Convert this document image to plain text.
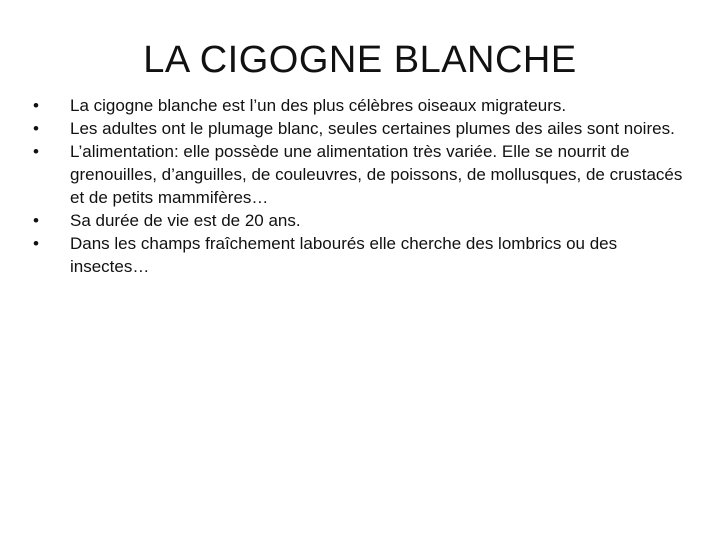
LA CIGOGNE BLANCHE
• La cigogne blanche est l’un des plus célèbres oiseaux migrateurs.
• Les adultes ont le plumage blanc, seules certaines plumes des ailes sont noires.
• L’alimentation: elle possède une alimentation très variée. Elle se nourrit de grenouilles, d’anguilles, de couleuvres, de poissons, de mollusques, de crustacés et de petits mammifères…
• Sa durée de vie est de 20 ans.
• Dans les champs fraîchement labourés elle cherche des lombrics ou des insectes…
